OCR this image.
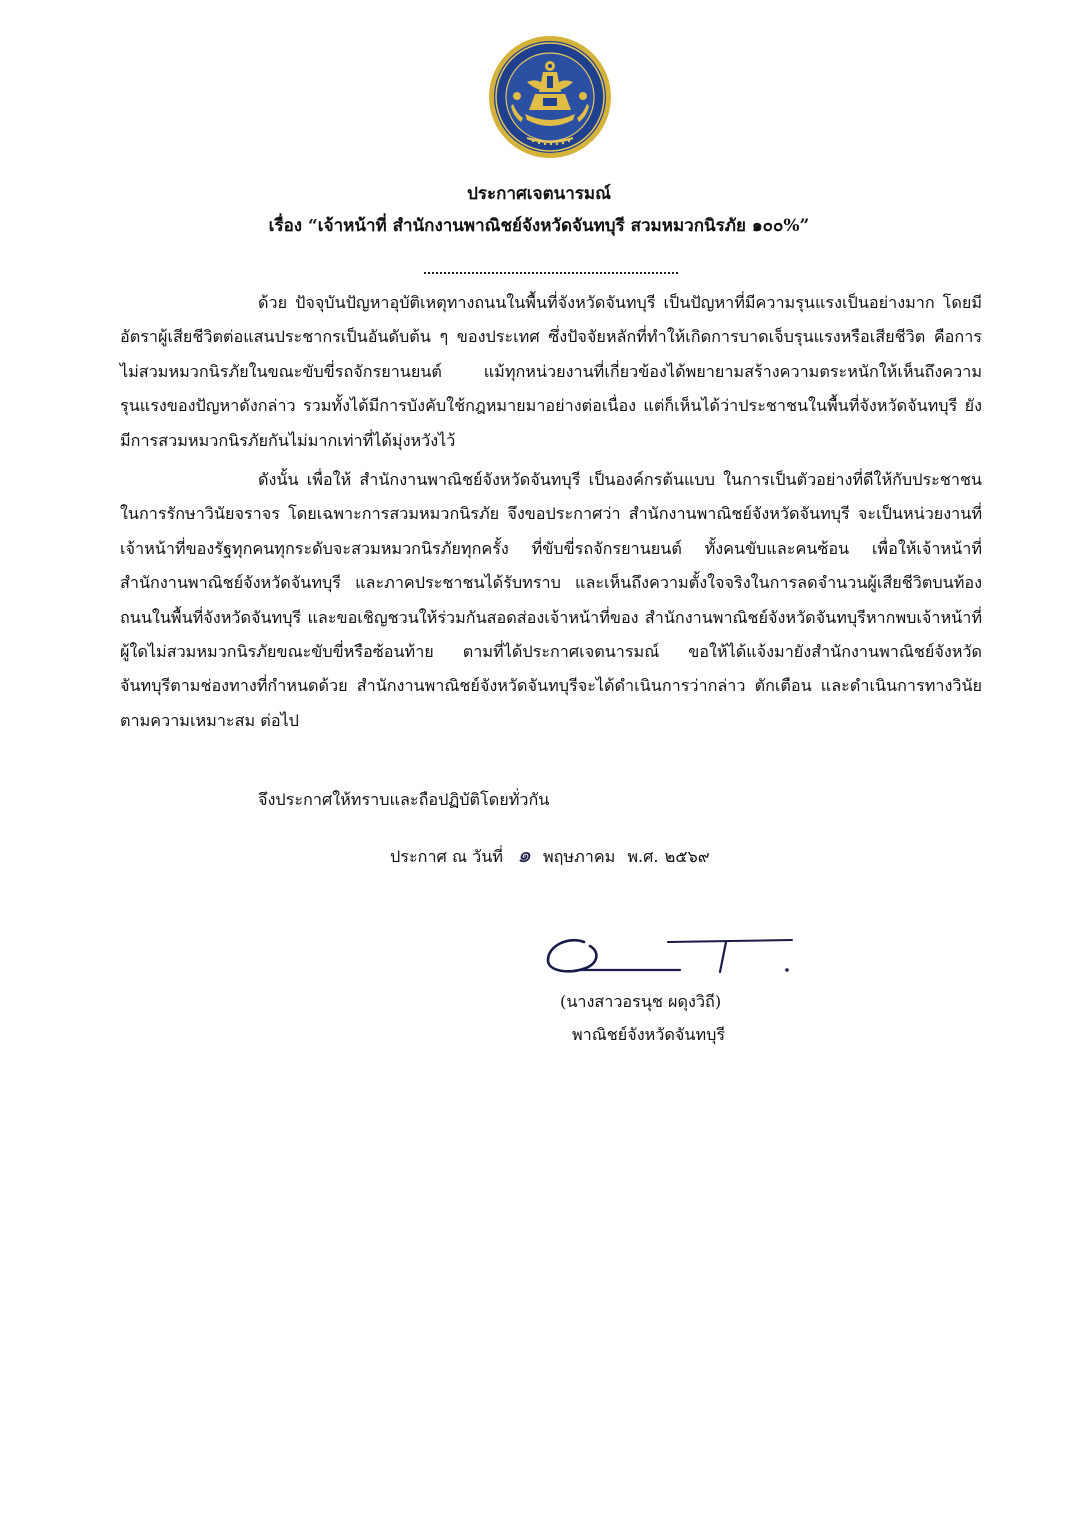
ประกาศเจตนารมณ์
เรื่อง “เจ้าหน้าที่ สำนักงานพาณิชย์จังหวัดจันทบุรี สวมหมวกนิรภัย ๑๐๐%”
ด้วย ปัจจุบันปัญหาอุบัติเหตุทางถนนในพื้นที่จังหวัดจันทบุรี เป็นปัญหาที่มีความรุนแรงเป็นอย่างมาก โดยมีอัตราผู้เสียชีวิตต่อแสนประชากรเป็นอันดับต้น ๆ ของประเทศ ซึ่งปัจจัยหลักที่ทำให้เกิดการบาดเจ็บรุนแรงหรือเสียชีวิต คือการไม่สวมหมวกนิรภัยในขณะขับขี่รถจักรยานยนต์ แม้ทุกหน่วยงานที่เกี่ยวข้องได้พยายามสร้างความตระหนักให้เห็นถึงความรุนแรงของปัญหาดังกล่าว รวมทั้งได้มีการบังคับใช้กฎหมายมาอย่างต่อเนื่อง แต่ก็เห็นได้ว่าประชาชนในพื้นที่จังหวัดจันทบุรี ยังมีการสวมหมวกนิรภัยกันไม่มากเท่าที่ได้มุ่งหวังไว้
ดังนั้น เพื่อให้ สำนักงานพาณิชย์จังหวัดจันทบุรี เป็นองค์กรต้นแบบ ในการเป็นตัวอย่างที่ดีให้กับประชาชน ในการรักษาวินัยจราจร โดยเฉพาะการสวมหมวกนิรภัย จึงขอประกาศว่า สำนักงานพาณิชย์จังหวัดจันทบุรี จะเป็นหน่วยงานที่เจ้าหน้าที่ของรัฐทุกคนทุกระดับจะสวมหมวกนิรภัยทุกครั้ง ที่ขับขี่รถจักรยานยนต์ ทั้งคนขับและคนซ้อน เพื่อให้เจ้าหน้าที่ สำนักงานพาณิชย์จังหวัดจันทบุรี และภาคประชาชนได้รับทราบ และเห็นถึงความตั้งใจจริงในการลดจำนวนผู้เสียชีวิตบนท้องถนนในพื้นที่จังหวัดจันทบุรี และขอเชิญชวนให้ร่วมกันสอดส่องเจ้าหน้าที่ของ สำนักงานพาณิชย์จังหวัดจันทบุรีหากพบเจ้าหน้าที่ผู้ใดไม่สวมหมวกนิรภัยขณะขับขี่หรือซ้อนท้าย ตามที่ได้ประกาศเจตนารมณ์ ขอให้ได้แจ้งมายังสำนักงานพาณิชย์จังหวัดจันทบุรีตามช่องทางที่กำหนดด้วย สำนักงานพาณิชย์จังหวัดจันทบุรีจะได้ดำเนินการว่ากล่าว ตักเตือน และดำเนินการทางวินัยตามความเหมาะสม ต่อไป
จึงประกาศให้ทราบและถือปฏิบัติโดยทั่วกัน
ประกาศ ณ วันที่ ๑ พฤษภาคม พ.ศ. ๒๕๖๙
(นางสาวอรนุช ผดุงวิถี)
พาณิชย์จังหวัดจันทบุรี
